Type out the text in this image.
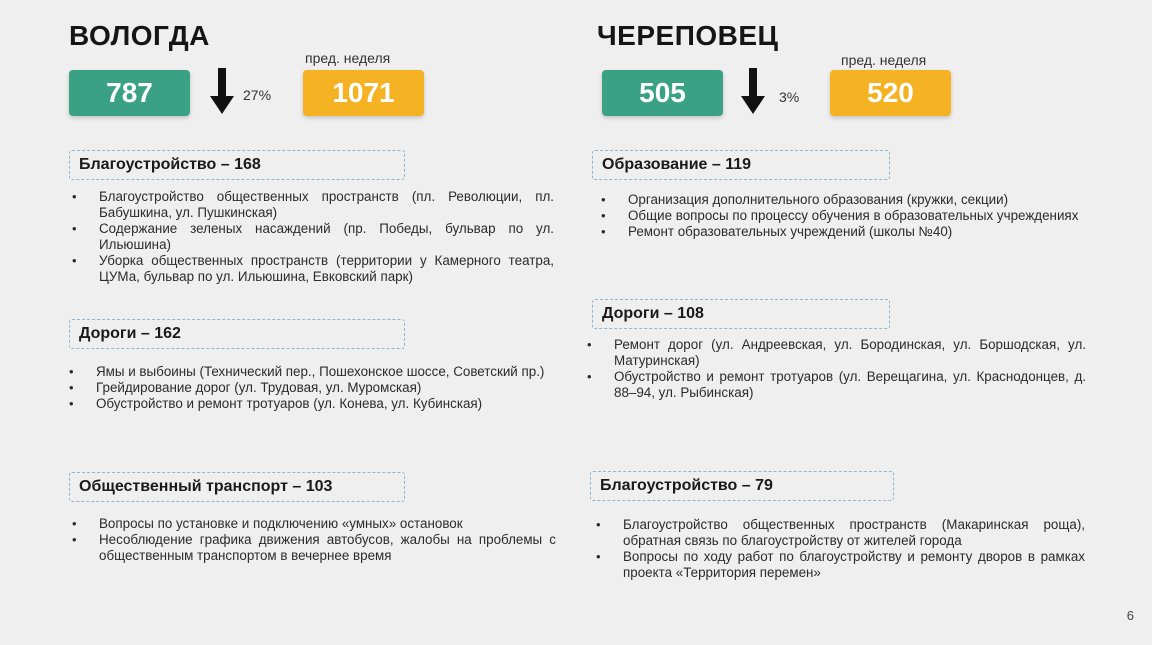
ВОЛОГДА
787	27%
пред. неделя
1071
Благоустройство – 168
• Благоустройство общественных пространств (пл. Революции, пл. Бабушкина, ул. Пушкинская)
• Содержание зеленых насаждений (пр. Победы, бульвар по ул. Ильюшина)
• Уборка общественных пространств (территории у Камерного театра, ЦУМа, бульвар по ул. Ильюшина, Евковский парк)
Дороги – 162
• Ямы и выбоины (Технический пер., Пошехонское шоссе, Советский пр.)
• Грейдирование дорог (ул. Трудовая, ул. Муромская)
• Обустройство и ремонт тротуаров (ул. Конева, ул. Кубинская)
Общественный транспорт – 103
• Вопросы по установке и подключению «умных» остановок
• Несоблюдение графика движения автобусов, жалобы на проблемы с общественным транспортом в вечернее время
ЧЕРЕПОВЕЦ
505	3%
пред. неделя
520
Образование – 119
• Организация дополнительного образования (кружки, секции)
• Общие вопросы по процессу обучения в образовательных учреждениях
• Ремонт образовательных учреждений (школы №40)
Дороги – 108
• Ремонт дорог (ул. Андреевская, ул. Бородинская, ул. Боршодская, ул. Матуринская)
• Обустройство и ремонт тротуаров (ул. Верещагина, ул. Краснодонцев, д. 88–94, ул. Рыбинская)
Благоустройство – 79
• Благоустройство общественных пространств (Макаринская роща), обратная связь по благоустройству от жителей города
• Вопросы по ходу работ по благоустройству и ремонту дворов в рамках проекта «Территория перемен»
6
